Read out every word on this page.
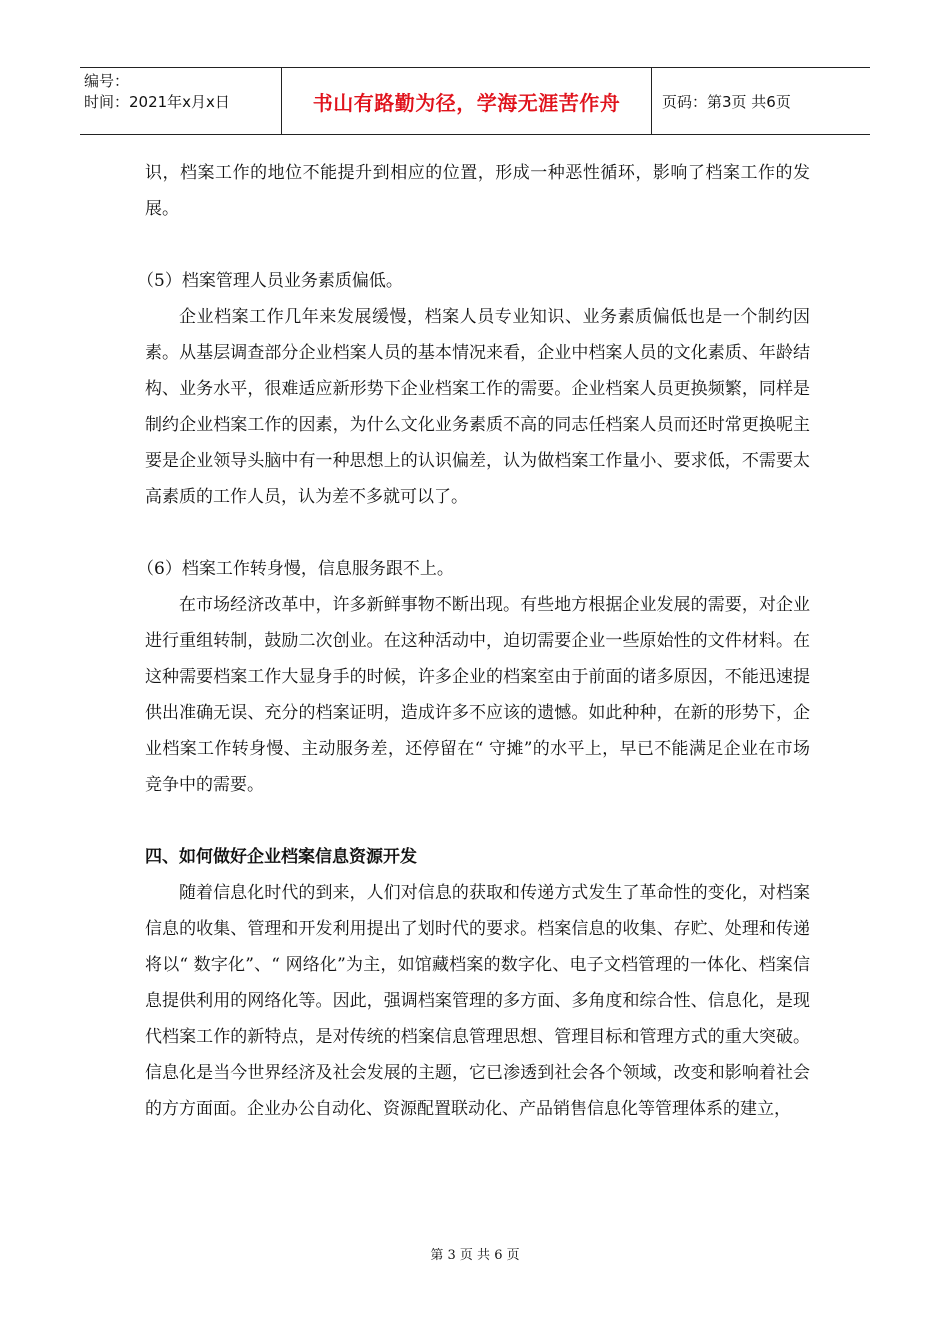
编号：
时间：2021年x月x日	书山有路勤为径，学海无涯苦作舟	页码：第3页 共6页

识，档案工作的地位不能提升到相应的位置，形成一种恶性循环，影响了档案工作的发展。

（5）档案管理人员业务素质偏低。

企业档案工作几年来发展缓慢，档案人员专业知识、业务素质偏低也是一个制约因素。从基层调查部分企业档案人员的基本情况来看，企业中档案人员的文化素质、年龄结构、业务水平，很难适应新形势下企业档案工作的需要。企业档案人员更换频繁，同样是制约企业档案工作的因素，为什么文化业务素质不高的同志任档案人员而还时常更换呢主要是企业领导头脑中有一种思想上的认识偏差，认为做档案工作量小、要求低，不需要太高素质的工作人员，认为差不多就可以了。

（6）档案工作转身慢，信息服务跟不上。

在市场经济改革中，许多新鲜事物不断出现。有些地方根据企业发展的需要，对企业进行重组转制，鼓励二次创业。在这种活动中，迫切需要企业一些原始性的文件材料。在这种需要档案工作大显身手的时候，许多企业的档案室由于前面的诸多原因，不能迅速提供出准确无误、充分的档案证明，造成许多不应该的遗憾。如此种种，在新的形势下，企业档案工作转身慢、主动服务差，还停留在“ 守摊”的水平上，早已不能满足企业在市场竞争中的需要。

四、如何做好企业档案信息资源开发

随着信息化时代的到来，人们对信息的获取和传递方式发生了革命性的变化，对档案信息的收集、管理和开发利用提出了划时代的要求。档案信息的收集、存贮、处理和传递将以“ 数字化”、“ 网络化”为主，如馆藏档案的数字化、电子文档管理的一体化、档案信息提供利用的网络化等。因此，强调档案管理的多方面、多角度和综合性、信息化，是现代档案工作的新特点，是对传统的档案信息管理思想、管理目标和管理方式的重大突破。信息化是当今世界经济及社会发展的主题，它已渗透到社会各个领域，改变和影响着社会的方方面面。企业办公自动化、资源配置联动化、产品销售信息化等管理体系的建立，

第 3 页 共 6 页
